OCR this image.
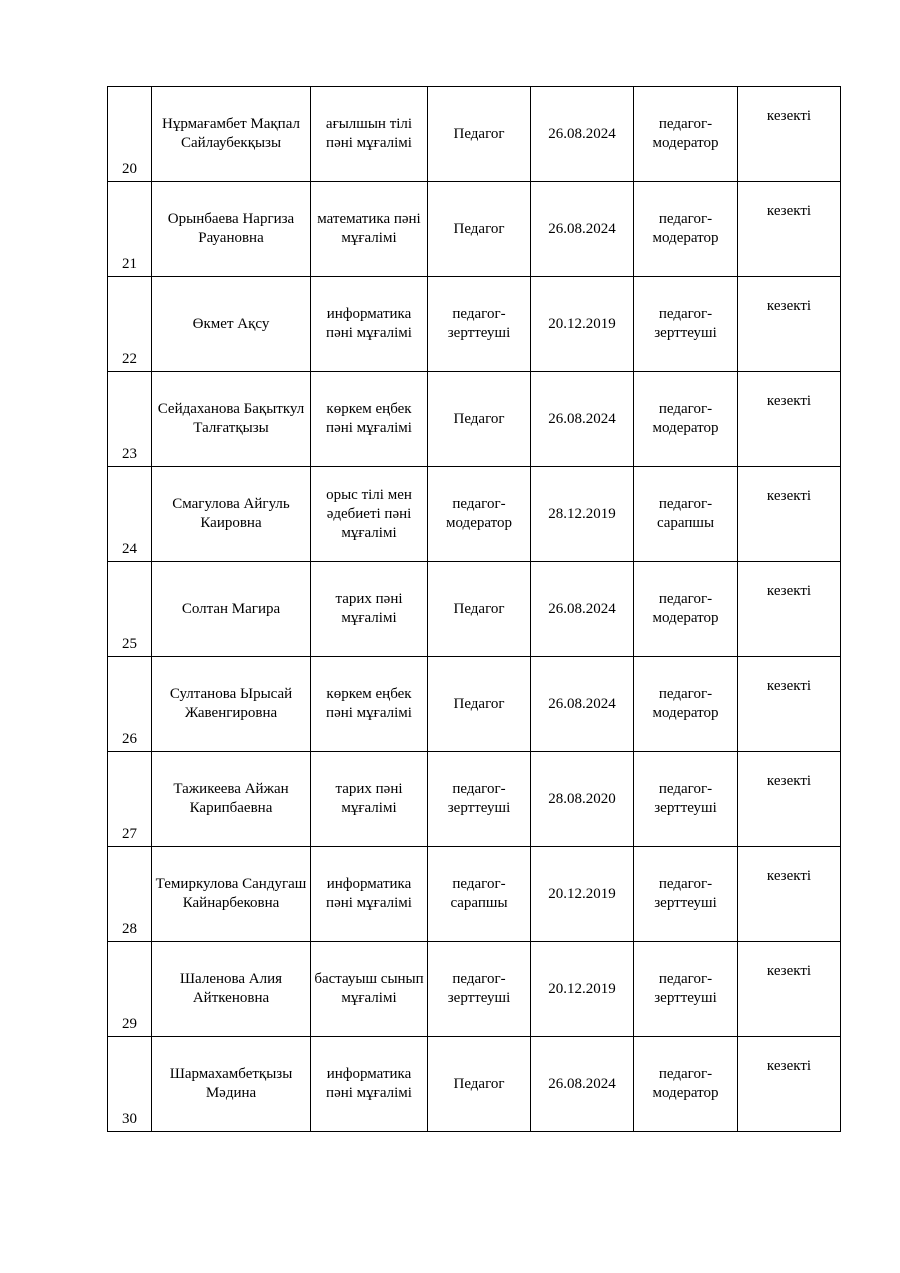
20	Нұрмағамбет Мақпал Сайлаубекқызы	ағылшын тілі пәні мұғалімі	Педагог	26.08.2024	педагог-модератор	кезекті
21	Орынбаева Наргиза Рауановна	математика пәні мұғалімі	Педагог	26.08.2024	педагог-модератор	кезекті
22	Өкмет Ақсу	информатика пәні мұғалімі	педагог-зерттеуші	20.12.2019	педагог-зерттеуші	кезекті
23	Сейдаханова Бақыткул Талғатқызы	көркем еңбек пәні мұғалімі	Педагог	26.08.2024	педагог-модератор	кезекті
24	Смагулова Айгуль Каировна	орыс тілі мен әдебиеті пәні мұғалімі	педагог-модератор	28.12.2019	педагог-сарапшы	кезекті
25	Солтан Магира	тарих пәні мұғалімі	Педагог	26.08.2024	педагог-модератор	кезекті
26	Султанова Ырысай Жавенгировна	көркем еңбек пәні мұғалімі	Педагог	26.08.2024	педагог-модератор	кезекті
27	Тажикеева Айжан Карипбаевна	тарих пәні мұғалімі	педагог-зерттеуші	28.08.2020	педагог-зерттеуші	кезекті
28	Темиркулова Сандугаш Кайнарбековна	информатика пәні мұғалімі	педагог-сарапшы	20.12.2019	педагог-зерттеуші	кезекті
29	Шаленова Алия Айткеновна	бастауыш сынып мұғалімі	педагог-зерттеуші	20.12.2019	педагог-зерттеуші	кезекті
30	Шармахамбетқызы Мәдина	информатика пәні мұғалімі	Педагог	26.08.2024	педагог-модератор	кезекті
